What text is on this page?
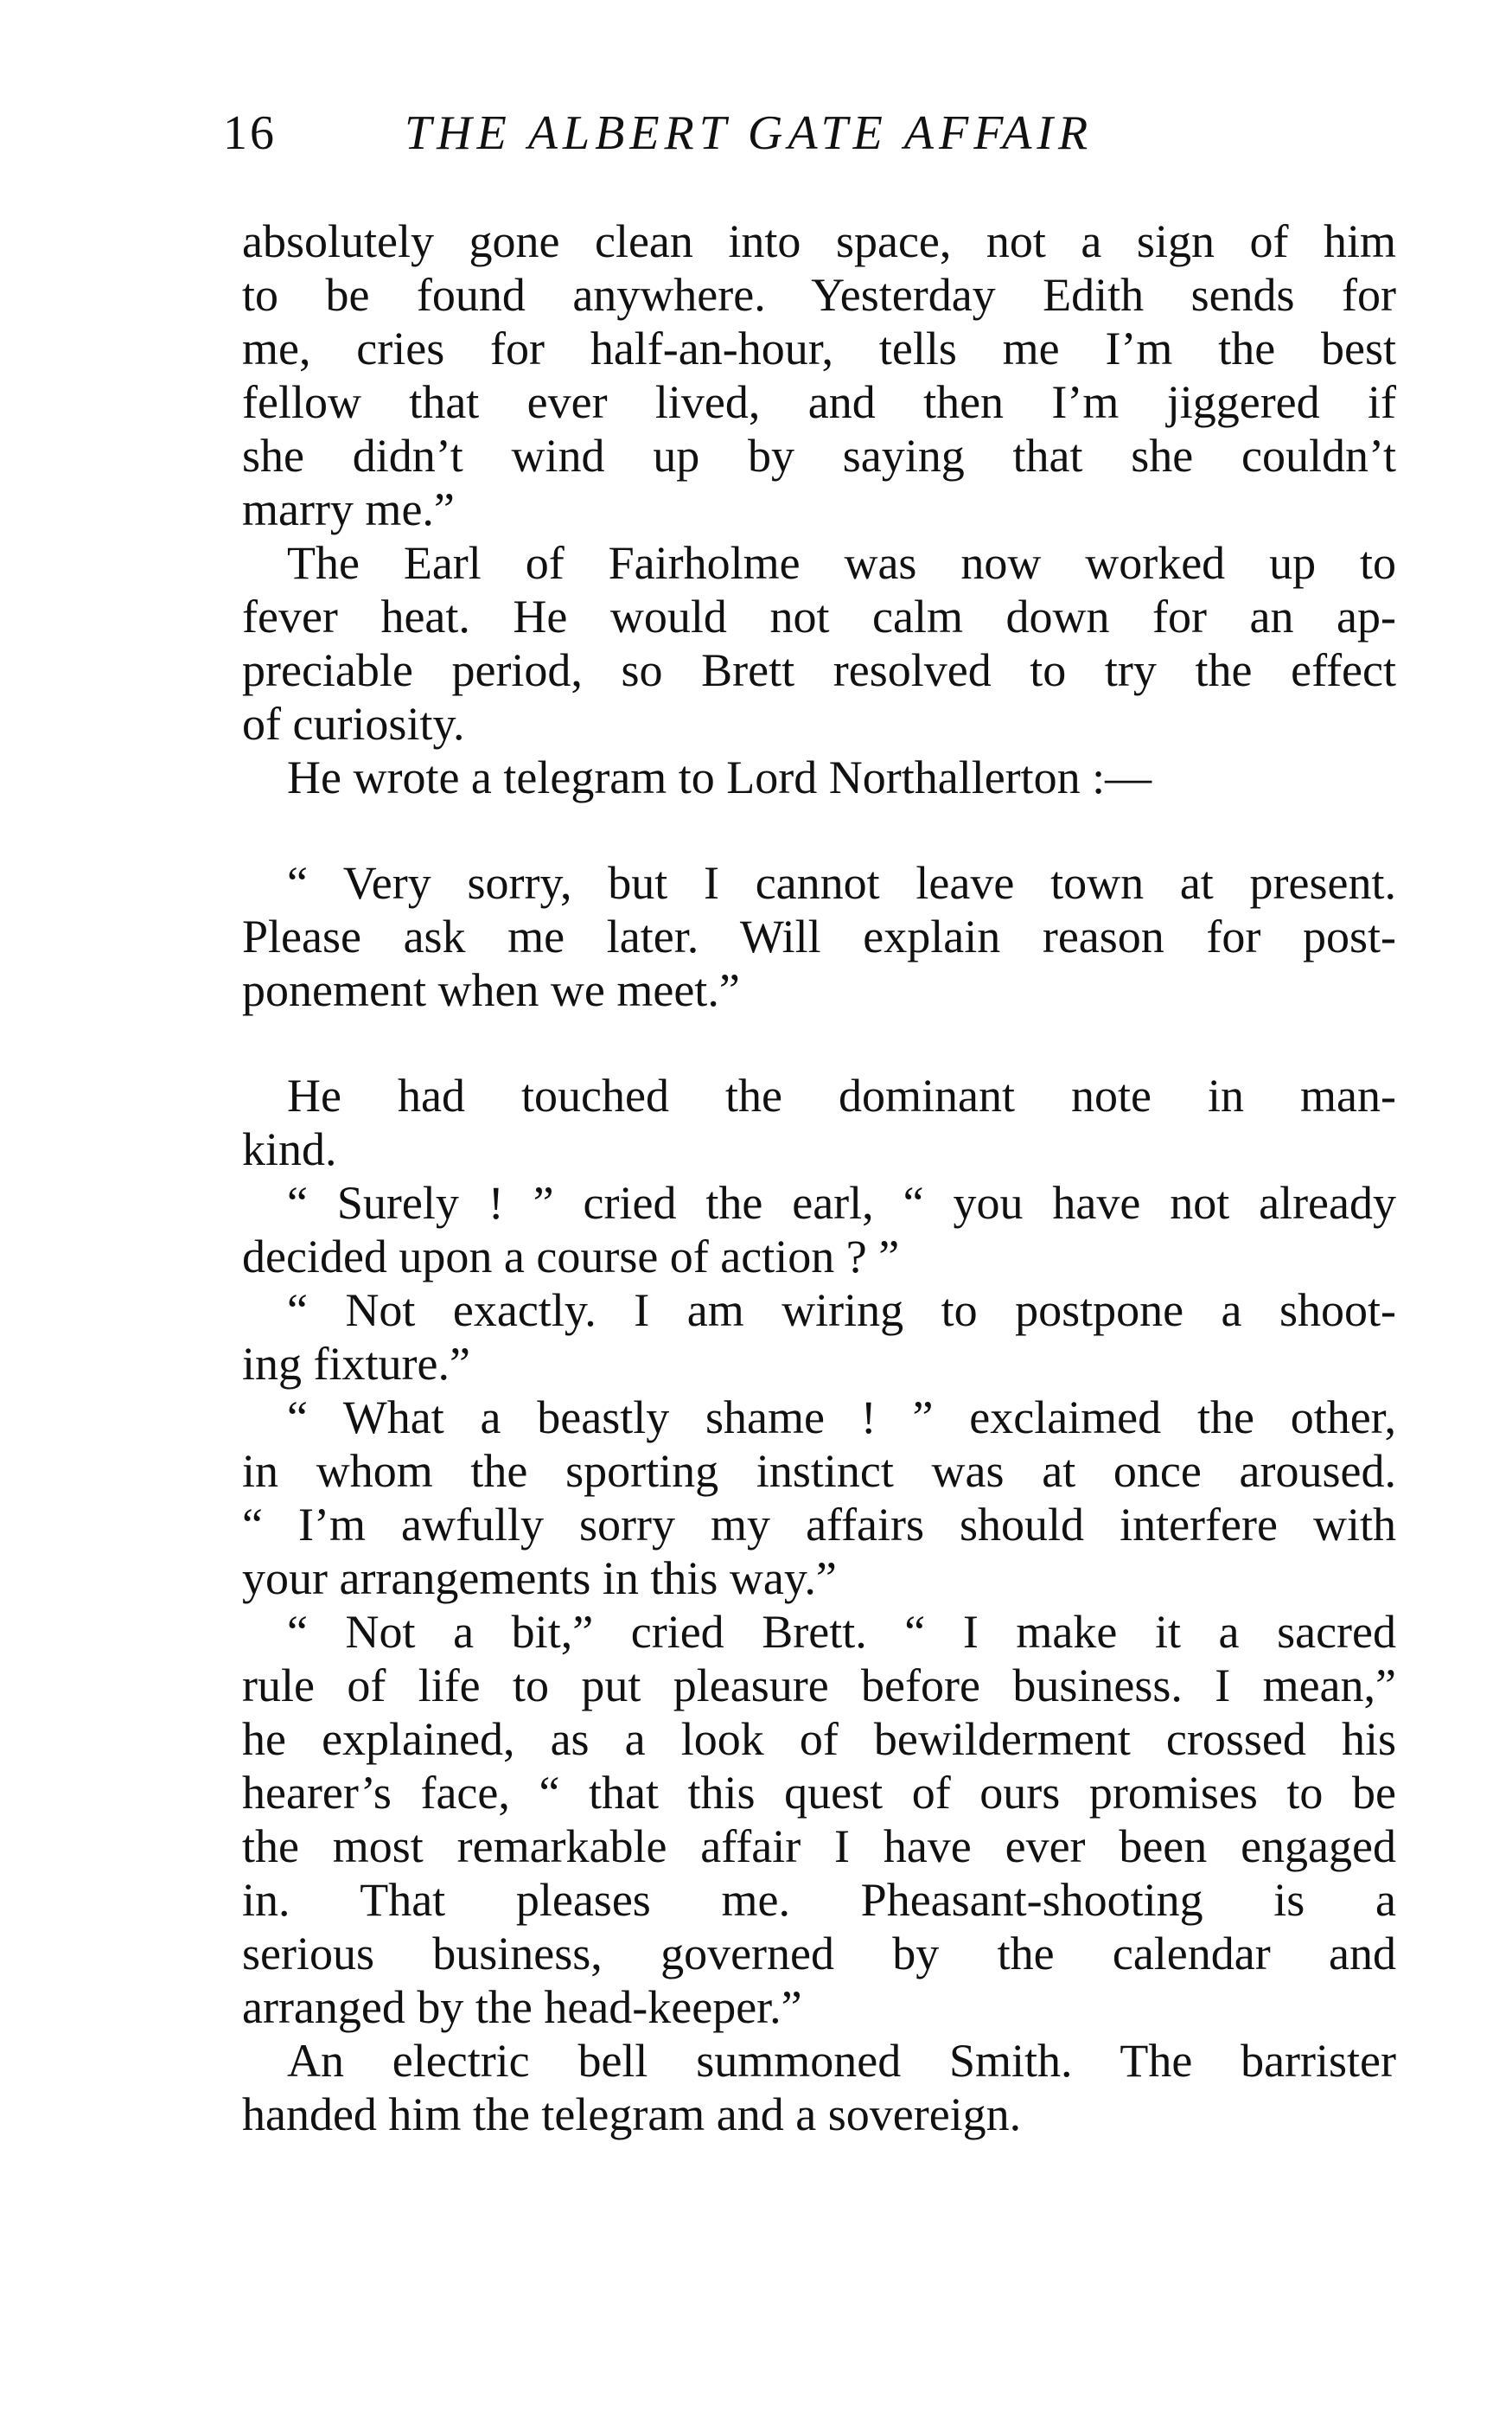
16	THE ALBERT GATE AFFAIR
absolutely gone clean into space, not a sign of him
to be found anywhere. Yesterday Edith sends for
me, cries for half-an-hour, tells me I’m the best
fellow that ever lived, and then I’m jiggered if
she didn’t wind up by saying that she couldn’t
marry me.”
The Earl of Fairholme was now worked up to
fever heat. He would not calm down for an ap-
preciable period, so Brett resolved to try the effect
of curiosity.
He wrote a telegram to Lord Northallerton :—
“ Very sorry, but I cannot leave town at present.
Please ask me later. Will explain reason for post-
ponement when we meet.”
He had touched the dominant note in man-
kind.
“ Surely ! ” cried the earl, “ you have not already
decided upon a course of action ? ”
“ Not exactly. I am wiring to postpone a shoot-
ing fixture.”
“ What a beastly shame ! ” exclaimed the other,
in whom the sporting instinct was at once aroused.
“ I’m awfully sorry my affairs should interfere with
your arrangements in this way.”
“ Not a bit,” cried Brett. “ I make it a sacred
rule of life to put pleasure before business. I mean,”
he explained, as a look of bewilderment crossed his
hearer’s face, “ that this quest of ours promises to be
the most remarkable affair I have ever been engaged
in. That pleases me. Pheasant-shooting is a
serious business, governed by the calendar and
arranged by the head-keeper.”
An electric bell summoned Smith. The barrister
handed him the telegram and a sovereign.
